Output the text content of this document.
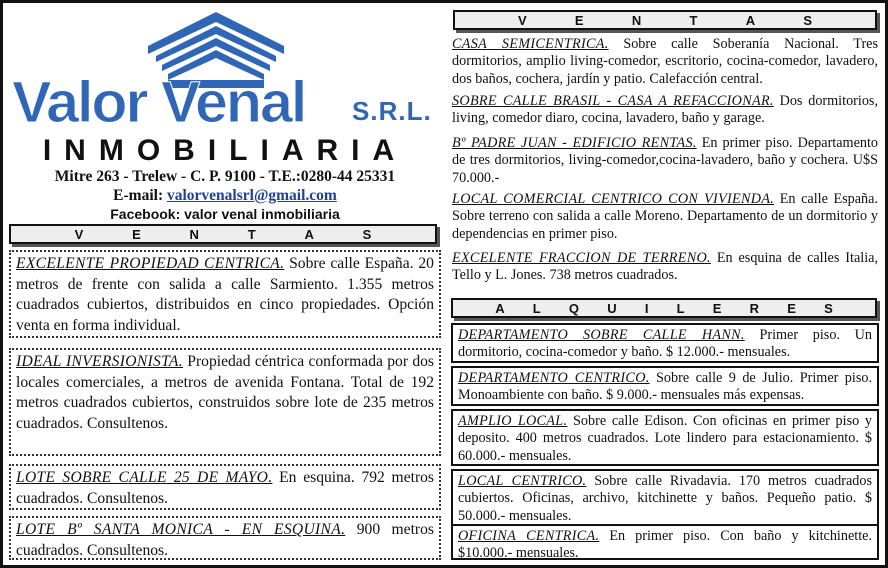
Valor Venal S.R.L.
INMOBILIARIA
Mitre 263 - Trelew - C. P. 9100 - T.E.:0280-44 25331
E-mail: valorvenalsrl@gmail.com
Facebook: valor venal inmobiliaria
V	E	N	T	A	S
EXCELENTE PROPIEDAD CENTRICA. Sobre calle España. 20 metros de frente con salida a calle Sarmiento. 1.355 metros cuadrados cubiertos, distribuidos en cinco propiedades. Opción venta en forma individual.
IDEAL INVERSIONISTA. Propiedad céntrica conformada por dos locales comerciales, a metros de avenida Fontana. Total de 192 metros cuadrados cubiertos, construidos sobre lote de 235 metros cuadrados. Consultenos.
LOTE SOBRE CALLE 25 DE MAYO. En esquina. 792 metros cuadrados. Consultenos.
LOTE Bº SANTA MONICA - EN ESQUINA. 900 metros cuadrados. Consultenos.
V	E	N	T	A	S
CASA SEMICENTRICA. Sobre calle Soberanía Nacional. Tres dormitorios, amplio living-comedor, escritorio, cocina-comedor, lavadero, dos baños, cochera, jardín y patio. Calefacción central.
SOBRE CALLE BRASIL - CASA A REFACCIONAR. Dos dormitorios, living, comedor diaro, cocina, lavadero, baño y garage.
Bº PADRE JUAN - EDIFICIO RENTAS. En primer piso. Departamento de tres dormitorios, living-comedor,cocina-lavadero, baño y cochera. U$S 70.000.-
LOCAL COMERCIAL CENTRICO CON VIVIENDA. En calle España. Sobre terreno con salida a calle Moreno. Departamento de un dormitorio y dependencias en primer piso.
EXCELENTE FRACCION DE TERRENO. En esquina de calles Italia, Tello y L. Jones. 738 metros cuadrados.
A L Q U I L E R E S
DEPARTAMENTO SOBRE CALLE HANN. Primer piso. Un dormitorio, cocina-comedor y baño. $ 12.000.- mensuales.
DEPARTAMENTO CENTRICO. Sobre calle 9 de Julio. Primer piso. Monoambiente con baño. $ 9.000.- mensuales más expensas.
AMPLIO LOCAL. Sobre calle Edison. Con oficinas en primer piso y deposito. 400 metros cuadrados. Lote lindero para estacionamiento. $ 60.000.- mensuales.
LOCAL CENTRICO. Sobre calle Rivadavia. 170 metros cuadrados cubiertos. Oficinas, archivo, kitchinette y baños. Pequeño patio. $ 50.000.- mensuales.
OFICINA CENTRICA. En primer piso. Con baño y kitchinette. $10.000.- mensuales.
